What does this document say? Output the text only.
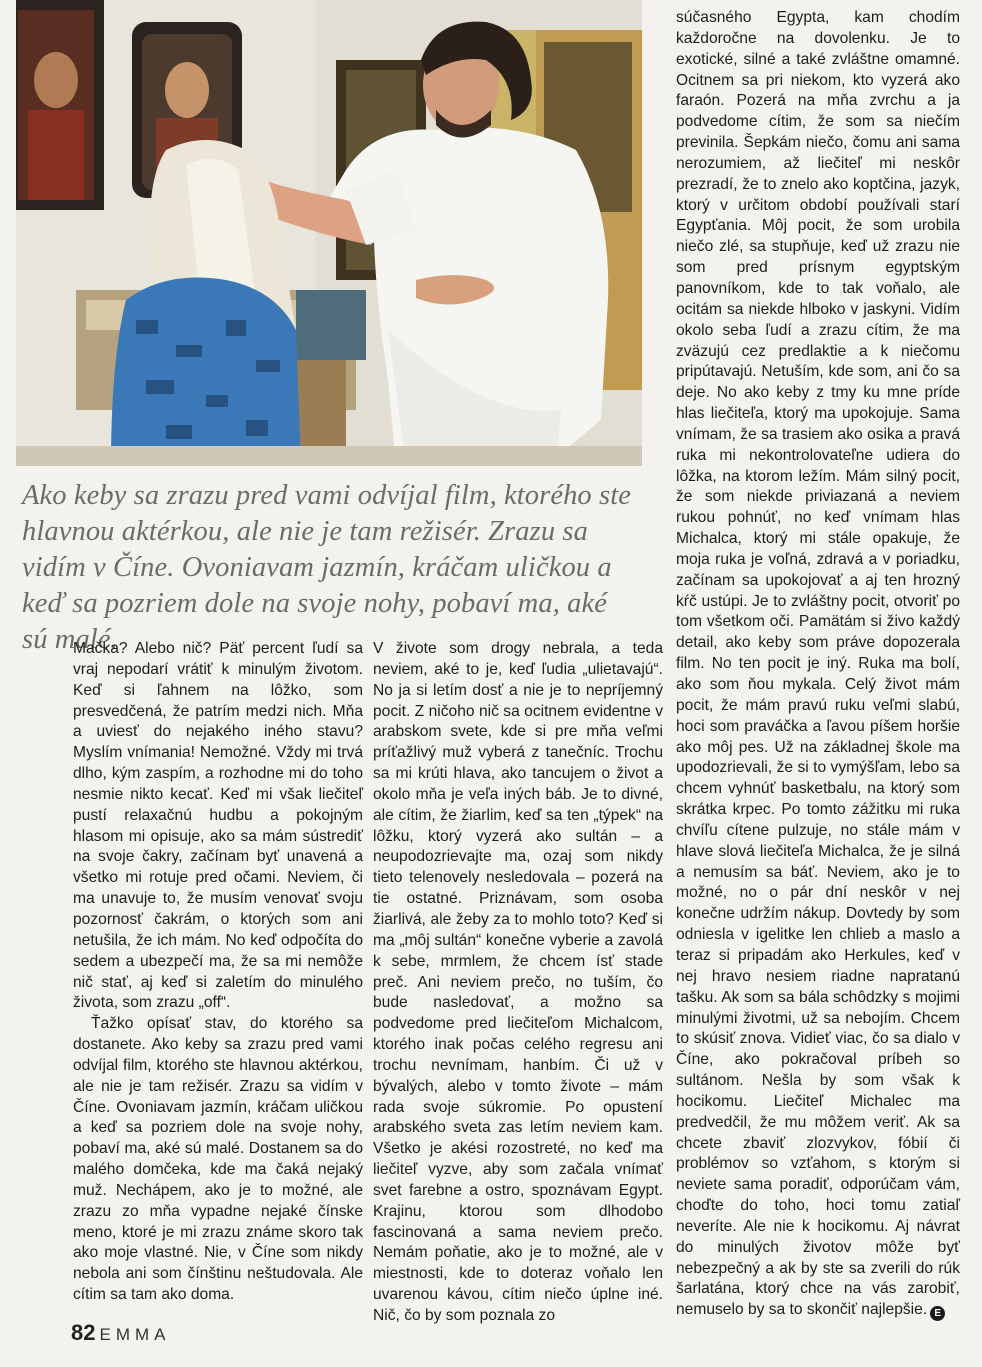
Ako keby sa zrazu pred vami odvíjal film, ktorého ste hlavnou aktérkou, ale nie je tam režisér. Zrazu sa vidím v Číne. Ovoniavam jazmín, kráčam uličkou a keď sa pozriem dole na svoje nohy, pobaví ma, aké sú malé.

Mačka? Alebo nič? Päť percent ľudí sa vraj nepodarí vrátiť k minulým životom. Keď si ľahnem na lôžko, som presvedčená, že patrím medzi nich. Mňa a uviesť do nejakého iného stavu? Myslím vnímania! Nemožné. Vždy mi trvá dlho, kým zaspím, a rozhodne mi do toho nesmie nikto kecať. Keď mi však liečiteľ pustí relaxačnú hudbu a pokojným hlasom mi opisuje, ako sa mám sústrediť na svoje čakry, začínam byť unavená a všetko mi rotuje pred očami. Neviem, či ma unavuje to, že musím venovať svoju pozornosť čakrám, o ktorých som ani netušila, že ich mám. No keď odpočíta do sedem a ubezpečí ma, že sa mi nemôže nič stať, aj keď si zaletím do minulého života, som zrazu „off“.

Ťažko opísať stav, do ktorého sa dostanete. Ako keby sa zrazu pred vami odvíjal film, ktorého ste hlavnou aktérkou, ale nie je tam režisér. Zrazu sa vidím v Číne. Ovoniavam jazmín, kráčam uličkou a keď sa pozriem dole na svoje nohy, pobaví ma, aké sú malé. Dostanem sa do malého domčeka, kde ma čaká nejaký muž. Nechápem, ako je to možné, ale zrazu zo mňa vypadne nejaké čínske meno, ktoré je mi zrazu známe skoro tak ako moje vlastné. Nie, v Číne som nikdy nebola ani som čínštinu neštudovala. Ale cítim sa tam ako doma.

V živote som drogy nebrala, a teda neviem, aké to je, keď ľudia „ulietavajú“. No ja si letím dosť a nie je to nepríjemný pocit. Z ničoho nič sa ocitnem evidentne v arabskom svete, kde si pre mňa veľmi príťažlivý muž vyberá z tanečníc. Trochu sa mi krúti hlava, ako tancujem o život a okolo mňa je veľa iných báb. Je to divné, ale cítim, že žiarlim, keď sa ten „týpek“ na lôžku, ktorý vyzerá ako sultán – a neupodozrievajte ma, ozaj som nikdy tieto telenovely nesledovala – pozerá na tie ostatné. Priznávam, som osoba žiarlivá, ale žeby za to mohlo toto? Keď si ma „môj sultán“ konečne vyberie a zavolá k sebe, mrmlem, že chcem ísť stade preč. Ani neviem prečo, no tuším, čo bude nasledovať, a možno sa podvedome pred liečiteľom Michalcom, ktorého inak počas celého regresu ani trochu nevnímam, hanbím. Či už v bývalých, alebo v tomto živote – mám rada svoje súkromie. Po opustení arabského sveta zas letím neviem kam. Všetko je akési rozostreté, no keď ma liečiteľ vyzve, aby som začala vnímať svet farebne a ostro, spoznávam Egypt. Krajinu, ktorou som dlhodobo fascinovaná a sama neviem prečo. Nemám poňatie, ako je to možné, ale v miestnosti, kde to doteraz voňalo len uvarenou kávou, cítim niečo úplne iné. Nič, čo by som poznala zo

súčasného Egypta, kam chodím každoročne na dovolenku. Je to exotické, silné a také zvláštne omamné. Ocitnem sa pri niekom, kto vyzerá ako faraón. Pozerá na mňa zvrchu a ja podvedome cítim, že som sa niečím previnila. Šepkám niečo, čomu ani sama nerozumiem, až liečiteľ mi neskôr prezradí, že to znelo ako koptčina, jazyk, ktorý v určitom období používali starí Egypťania. Môj pocit, že som urobila niečo zlé, sa stupňuje, keď už zrazu nie som pred prísnym egyptským panovníkom, kde to tak voňalo, ale ocitám sa niekde hlboko v jaskyni. Vidím okolo seba ľudí a zrazu cítim, že ma zväzujú cez predlaktie a k niečomu pripútavajú. Netuším, kde som, ani čo sa deje. No ako keby z tmy ku mne príde hlas liečiteľa, ktorý ma upokojuje. Sama vnímam, že sa trasiem ako osika a pravá ruka mi nekontrolovateľne udiera do lôžka, na ktorom ležím. Mám silný pocit, že som niekde priviazaná a neviem rukou pohnúť, no keď vnímam hlas Michalca, ktorý mi stále opakuje, že moja ruka je voľná, zdravá a v poriadku, začínam sa upokojovať a aj ten hrozný kŕč ustúpi. Je to zvláštny pocit, otvoriť po tom všetkom oči. Pamätám si živo každý detail, ako keby som práve dopozerala film. No ten pocit je iný. Ruka ma bolí, ako som ňou mykala. Celý život mám pocit, že mám pravú ruku veľmi slabú, hoci som praváčka a ľavou píšem horšie ako môj pes. Už na základnej škole ma upodozrievali, že si to vymýšľam, lebo sa chcem vyhnúť basketbalu, na ktorý som skrátka krpec. Po tomto zážitku mi ruka chvíľu cítene pulzuje, no stále mám v hlave slová liečiteľa Michalca, že je silná a nemusím sa báť. Neviem, ako je to možné, no o pár dní neskôr v nej konečne udržím nákup. Dovtedy by som odniesla v igelitke len chlieb a maslo a teraz si pripadám ako Herkules, keď v nej hravo nesiem riadne napratanú tašku. Ak som sa bála schôdzky s mojimi minulými životmi, už sa nebojím. Chcem to skúsiť znova. Vidieť viac, čo sa dialo v Číne, ako pokračoval príbeh so sultánom. Nešla by som však k hocikomu. Liečiteľ Michalec ma predvedčil, že mu môžem veriť. Ak sa chcete zbaviť zlozvykov, fóbií či problémov so vzťahom, s ktorým si neviete sama poradiť, odporúčam vám, choďte do toho, hoci tomu zatiaľ neveríte. Ale nie k hocikomu. Aj návrat do minulých životov môže byť nebezpečný a ak by ste sa zverili do rúk šarlatána, ktorý chce na vás zarobiť, nemuselo by sa to skončiť najlepšie. E

82 EMMA
